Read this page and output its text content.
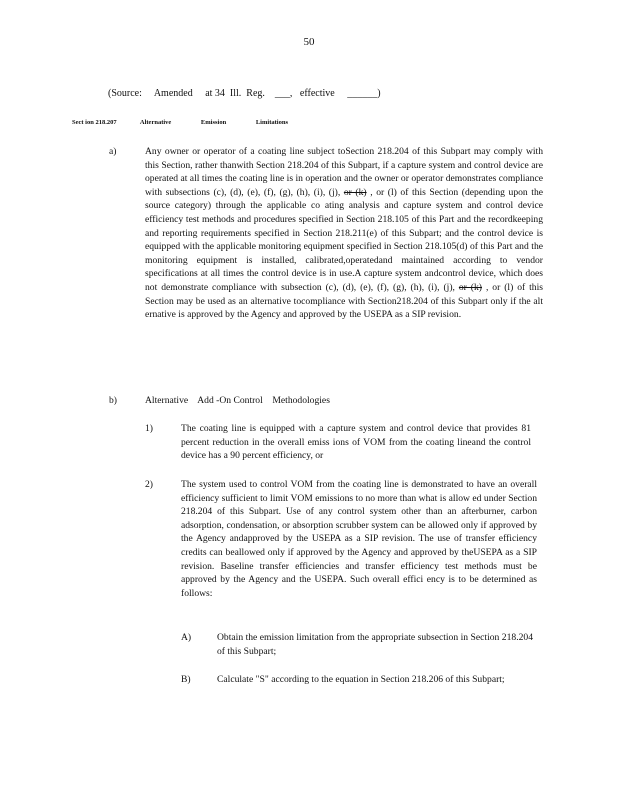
50
(Source:     Amended     at 34  Ill.  Reg.    ___,   effective     ______)
Sect ion 218.207	Alternative	Emission	Limitations
a)	Any owner or operator of a coating line subject toSection 218.204 of this Subpart may comply with this Section, rather thanwith Section 218.204 of this Subpart, if a capture system and control device are operated at all times the coating line is in operation and the owner or operator demonstrates compliance with subsections (c), (d), (e), (f), (g), (h), (i), (j), or (k) , or (l) of this Section (depending upon the source category) through the applicable co ating analysis and capture system and control device efficiency test methods and procedures specified in Section 218.105 of this Part and the recordkeeping and reporting requirements specified in Section 218.211(e) of this Subpart; and the control device is equipped with the applicable monitoring equipment specified in Section 218.105(d) of this Part and the monitoring equipment is installed, calibrated,operatedand maintained according to vendor specifications at all times the control device is in use.A capture system andcontrol device, which does not demonstrate compliance with subsection (c), (d), (e), (f), (g), (h), (i), (j), or (k) , or (l) of this Section may be used as an alternative tocompliance with Section218.204 of this Subpart only if the alt ernative is approved by the Agency and approved by the USEPA as a SIP revision.
b)	Alternative    Add -On Control    Methodologies
1)	The coating line is equipped with a capture system and control device that provides 81 percent reduction in the overall emiss ions of VOM from the coating lineand the control device has a 90 percent efficiency, or
2)	The system used to control VOM from the coating line is demonstrated to have an overall efficiency sufficient to limit VOM emissions to no more than what is allow ed under Section 218.204 of this Subpart. Use of any control system other than an afterburner, carbon adsorption, condensation, or absorption scrubber system can be allowed only if approved by the Agency andapproved by the USEPA as a SIP revision. The use of transfer efficiency credits can beallowed only if approved by the Agency and approved by theUSEPA as a SIP revision. Baseline transfer efficiencies and transfer efficiency test methods must be approved by the Agency and the USEPA. Such overall effici ency is to be determined as follows:
A)	Obtain the emission limitation from the appropriate subsection in Section 218.204 of this Subpart;
B)	Calculate "S" according to the equation in Section 218.206 of this Subpart;
